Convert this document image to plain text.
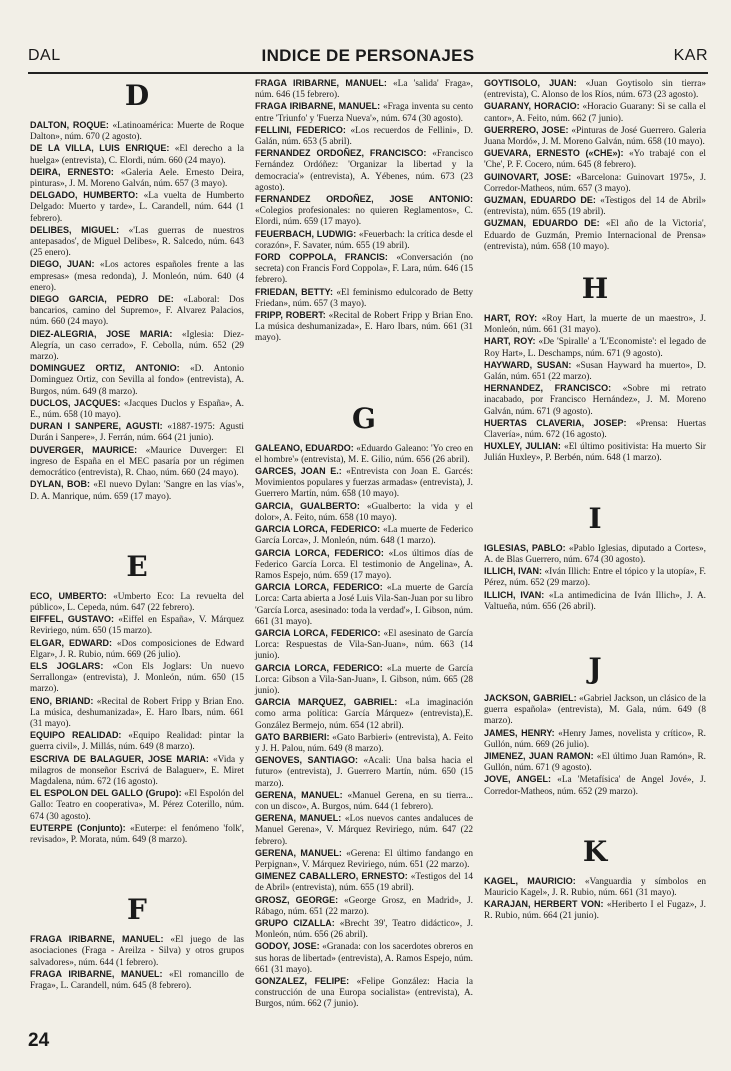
DAL	INDICE DE PERSONAJES	KAR
D

DALTON, ROQUE: «Latinoamérica: Muerte de Roque Dalton», núm. 670 (2 agosto).

DE LA VILLA, LUIS ENRIQUE: «El derecho a la huelga» (entrevista), C. Elordi, núm. 660 (24 mayo).

DEIRA, ERNESTO: «Galeria Aele. Ernesto Deira, pinturas», J. M. Moreno Galván, núm. 657 (3 mayo).

DELGADO, HUMBERTO: «La vuelta de Humberto Delgado: Muerto y tarde», L. Carandell, núm. 644 (1 febrero).

DELIBES, MIGUEL: «'Las guerras de nuestros antepasados', de Miguel Delibes», R. Salcedo, núm. 643 (25 enero).

DIEGO, JUAN: «Los actores españoles frente a las empresas» (mesa redonda), J. Monleón, núm. 640 (4 enero).

DIEGO GARCIA, PEDRO DE: «Laboral: Dos bancarios, camino del Supremo», F. Alvarez Palacios, núm. 660 (24 mayo).

DIEZ-ALEGRIA, JOSE MARIA: «Iglesia: Diez-Alegría, un caso cerrado», F. Cebolla, núm. 652 (29 marzo).

DOMINGUEZ ORTIZ, ANTONIO: «D. Antonio Dominguez Ortiz, con Sevilla al fondo» (entrevista), A. Burgos, núm. 649 (8 marzo).

DUCLOS, JACQUES: «Jacques Duclos y España», A. E., núm. 658 (10 mayo).

DURAN I SANPERE, AGUSTI: «1887-1975: Agusti Durán i Sanpere», J. Ferrán, núm. 664 (21 junio).

DUVERGER, MAURICE: «Maurice Duverger: El ingreso de España en el MEC pasaría por un régimen democrático (entrevista), R. Chao, núm. 660 (24 mayo).

DYLAN, BOB: «El nuevo Dylan: 'Sangre en las vías'», D. A. Manrique, núm. 659 (17 mayo).

E

ECO, UMBERTO: «Umberto Eco: La revuelta del público», L. Cepeda, núm. 647 (22 febrero).

EIFFEL, GUSTAVO: «Eiffel en España», V. Márquez Reviriego, núm. 650 (15 marzo).

ELGAR, EDWARD: «Dos composiciones de Edward Elgar», J. R. Rubio, núm. 669 (26 julio).

ELS JOGLARS: «Con Els Joglars: Un nuevo Serrallonga» (entrevista), J. Monleón, núm. 650 (15 marzo).

ENO, BRIAND: «Recital de Robert Fripp y Brian Eno. La música, deshumanizada», E. Haro Ibars, núm. 661 (31 mayo).

EQUIPO REALIDAD: «Equipo Realidad: pintar la guerra civil», J. Millás, núm. 649 (8 marzo).

ESCRIVA DE BALAGUER, JOSE MARIA: «Vida y milagros de monseñor Escrivá de Balaguer», E. Miret Magdalena, núm. 672 (16 agosto).

EL ESPOLON DEL GALLO (Grupo): «El Espolón del Gallo: Teatro en cooperativa», M. Pérez Coterillo, núm. 674 (30 agosto).

EUTERPE (Conjunto): «Euterpe: el fenómeno 'folk', revisado», P. Morata, núm. 649 (8 marzo).

F

FRAGA IRIBARNE, MANUEL: «El juego de las asociaciones (Fraga - Areilza - Silva) y otros grupos salvadores», núm. 644 (1 febrero).

FRAGA IRIBARNE, MANUEL: «El romancillo de Fraga», L. Carandell, núm. 645 (8 febrero).

FRAGA IRIBARNE, MANUEL: «La 'salida' Fraga», núm. 646 (15 febrero).

FRAGA IRIBARNE, MANUEL: «Fraga inventa su cento entre 'Triunfo' y 'Fuerza Nueva'», núm. 674 (30 agosto).

FELLINI, FEDERICO: «Los recuerdos de Fellini», D. Galán, núm. 653 (5 abril).

FERNANDEZ ORDOÑEZ, FRANCISCO: «Francisco Fernández Ordóñez: 'Organizar la libertad y la democracia'» (entrevista), A. Yébenes, núm. 673 (23 agosto).

FERNANDEZ ORDOÑEZ, JOSE ANTONIO: «Colegios profesionales: no quieren Reglamentos», C. Elordi, núm. 659 (17 mayo).

FEUERBACH, LUDWIG: «Feuerbach: la crítica desde el corazón», F. Savater, núm. 655 (19 abril).

FORD COPPOLA, FRANCIS: «Conversación (no secreta) con Francis Ford Coppola», F. Lara, núm. 646 (15 febrero).

FRIEDAN, BETTY: «El feminismo edulcorado de Betty Friedan», núm. 657 (3 mayo).

FRIPP, ROBERT: «Recital de Robert Fripp y Brian Eno. La música deshumanizada», E. Haro Ibars, núm. 661 (31 mayo).

G

GALEANO, EDUARDO: «Eduardo Galeano: 'Yo creo en el hombre'» (entrevista), M. E. Gilio, núm. 656 (26 abril).

GARCES, JOAN E.: «Entrevista con Joan E. Garcés: Movimientos populares y fuerzas armadas» (entrevista), J. Guerrero Martín, núm. 658 (10 mayo).

GARCIA, GUALBERTO: «Gualberto: la vida y el dolor», A. Feito, núm. 658 (10 mayo).

GARCIA LORCA, FEDERICO: «La muerte de Federico García Lorca», J. Monleón, núm. 648 (1 marzo).

GARCIA LORCA, FEDERICO: «Los últimos días de Federico García Lorca. El testimonio de Angelina», A. Ramos Espejo, núm. 659 (17 mayo).

GARCIA LORCA, FEDERICO: «La muerte de García Lorca: Carta abierta a José Luis Vila-San-Juan por su libro 'García Lorca, asesinado: toda la verdad'», I. Gibson, núm. 661 (31 mayo).

GARCIA LORCA, FEDERICO: «El asesinato de García Lorca: Respuestas de Vila-San-Juan», núm. 663 (14 junio).

GARCIA LORCA, FEDERICO: «La muerte de García Lorca: Gibson a Vila-San-Juan», I. Gibson, núm. 665 (28 junio).

GARCIA MARQUEZ, GABRIEL: «La imaginación como arma política: García Márquez» (entrevista),E. González Bermejo, núm. 654 (12 abril).

GATO BARBIERI: «Gato Barbieri» (entrevista), A. Feito y J. H. Palou, núm. 649 (8 marzo).

GENOVES, SANTIAGO: «Acali: Una balsa hacia el futuro» (entrevista), J. Guerrero Martín, núm. 650 (15 marzo).

GERENA, MANUEL: «Manuel Gerena, en su tierra... con un disco», A. Burgos, núm. 644 (1 febrero).

GERENA, MANUEL: «Los nuevos cantes andaluces de Manuel Gerena», V. Márquez Reviriego, núm. 647 (22 febrero).

GERENA, MANUEL: «Gerena: El último fandango en Perpignan», V. Márquez Reviriego, núm. 651 (22 marzo).

GIMENEZ CABALLERO, ERNESTO: «Testigos del 14 de Abril» (entrevista), núm. 655 (19 abril).

GROSZ, GEORGE: «George Grosz, en Madrid», J. Rábago, núm. 651 (22 marzo).

GRUPO CIZALLA: «Brecht 39', Teatro didáctico», J. Monleón, núm. 656 (26 abril).

GODOY, JOSE: «Granada: con los sacerdotes obreros en sus horas de libertad» (entrevista), A. Ramos Espejo, núm. 661 (31 mayo).

GONZALEZ, FELIPE: «Felipe González: Hacia la construcción de una Europa socialista» (entrevista), A. Burgos, núm. 662 (7 junio).

GOYTISOLO, JUAN: «Juan Goytisolo sin tierra» (entrevista), C. Alonso de los Ríos, núm. 673 (23 agosto).

GUARANY, HORACIO: «Horacio Guarany: Si se calla el cantor», A. Feito, núm. 662 (7 junio).

GUERRERO, JOSE: «Pinturas de José Guerrero. Galeria Juana Mordó», J. M. Moreno Galván, núm. 658 (10 mayo).

GUEVARA, ERNESTO («CHE»): «Yo trabajé con el 'Che', P. F. Cocero, núm. 645 (8 febrero).

GUINOVART, JOSE: «Barcelona: Guinovart 1975», J. Corredor-Matheos, núm. 657 (3 mayo).

GUZMAN, EDUARDO DE: «Testigos del 14 de Abril» (entrevista), núm. 655 (19 abril).

GUZMAN, EDUARDO DE: «El año de la Victoria', Eduardo de Guzmán, Premio Internacional de Prensa» (entrevista), núm. 658 (10 mayo).

H

HART, ROY: «Roy Hart, la muerte de un maestro», J. Monleón, núm. 661 (31 mayo).

HART, ROY: «De 'Spiralle' a 'L'Economiste': el legado de Roy Hart», L. Deschamps, núm. 671 (9 agosto).

HAYWARD, SUSAN: «Susan Hayward ha muerto», D. Galán, núm. 651 (22 marzo).

HERNANDEZ, FRANCISCO: «Sobre mi retrato inacabado, por Francisco Hernández», J. M. Moreno Galván, núm. 671 (9 agosto).

HUERTAS CLAVERIA, JOSEP: «Prensa: Huertas Clavería», núm. 672 (16 agosto).

HUXLEY, JULIAN: «El último positivista: Ha muerto Sir Julián Huxley», P. Berbén, núm. 648 (1 marzo).

I

IGLESIAS, PABLO: «Pablo Iglesias, diputado a Cortes», A. de Blas Guerrero, núm. 674 (30 agosto).

ILLICH, IVAN: «Iván Illich: Entre el tópico y la utopía», F. Pérez, núm. 652 (29 marzo).

ILLICH, IVAN: «La antimedicina de Iván Illich», J. A. Valtueña, núm. 656 (26 abril).

J

JACKSON, GABRIEL: «Gabriel Jackson, un clásico de la guerra española» (entrevista), M. Gala, núm. 649 (8 marzo).

JAMES, HENRY: «Henry James, novelista y crítico», R. Gullón, núm. 669 (26 julio).

JIMENEZ, JUAN RAMON: «El último Juan Ramón», R. Gullón, núm. 671 (9 agosto).

JOVE, ANGEL: «La 'Metafísica' de Angel Jové», J. Corredor-Matheos, núm. 652 (29 marzo).

K

KAGEL, MAURICIO: «Vanguardia y símbolos en Mauricio Kagel», J. R. Rubio, núm. 661 (31 mayo).

KARAJAN, HERBERT VON: «Heriberto I el Fugaz», J. R. Rubio, núm. 664 (21 junio).

24
